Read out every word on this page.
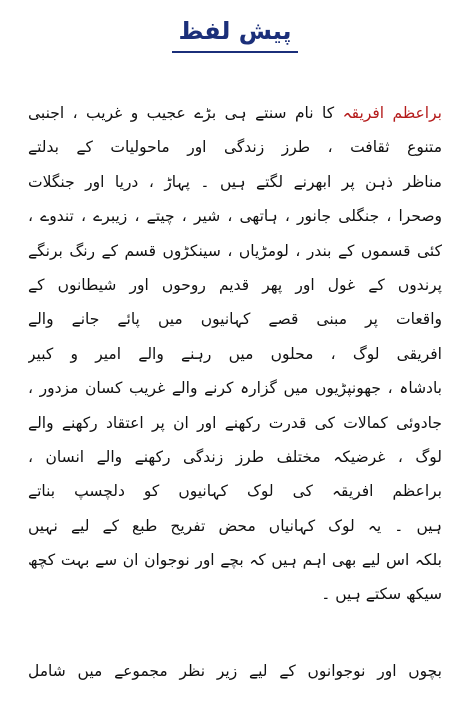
پیش لفظ
براعظم افریقہ کا نام سنتے ہی بڑے عجیب و غریب ، اجنبی
متنوع ثقافت ، طرز زندگی اور ماحولیات کے بدلتے
مناظر ذہن پر ابھرنے لگتے ہیں ۔ پہاڑ ، دریا اور جنگلات
وصحرا ، جنگلی جانور ، ہاتھی ، شیر ، چیتے ، زیبرے ، تندوے ،
کئی قسموں کے بندر ، لومڑیاں ، سینکڑوں قسم کے رنگ برنگے
پرندوں کے غول اور پھر قدیم روحوں اور شیطانوں کے
واقعات پر مبنی قصے کہانیوں میں پائے جانے والے
افریقی لوگ ، محلوں میں رہنے والے امیر و کبیر
بادشاہ ، جھونپڑیوں میں گزارہ کرنے والے غریب کسان مزدور ،
جادوئی کمالات کی قدرت رکھنے اور ان پر اعتقاد رکھنے والے
لوگ ، غرضیکہ مختلف طرز زندگی رکھنے والے انسان ،
براعظم افریقہ کی لوک کہانیوں کو دلچسپ بناتے
ہیں ۔ یہ لوک کہانیاں محض تفریح طبع کے لیے نہیں
بلکہ اس لیے بھی اہم ہیں کہ بچے اور نوجوان ان سے بہت کچھ
سیکھ سکتے ہیں ۔
بچوں اور نوجوانوں کے لیے زیر نظر مجموعے میں شامل
